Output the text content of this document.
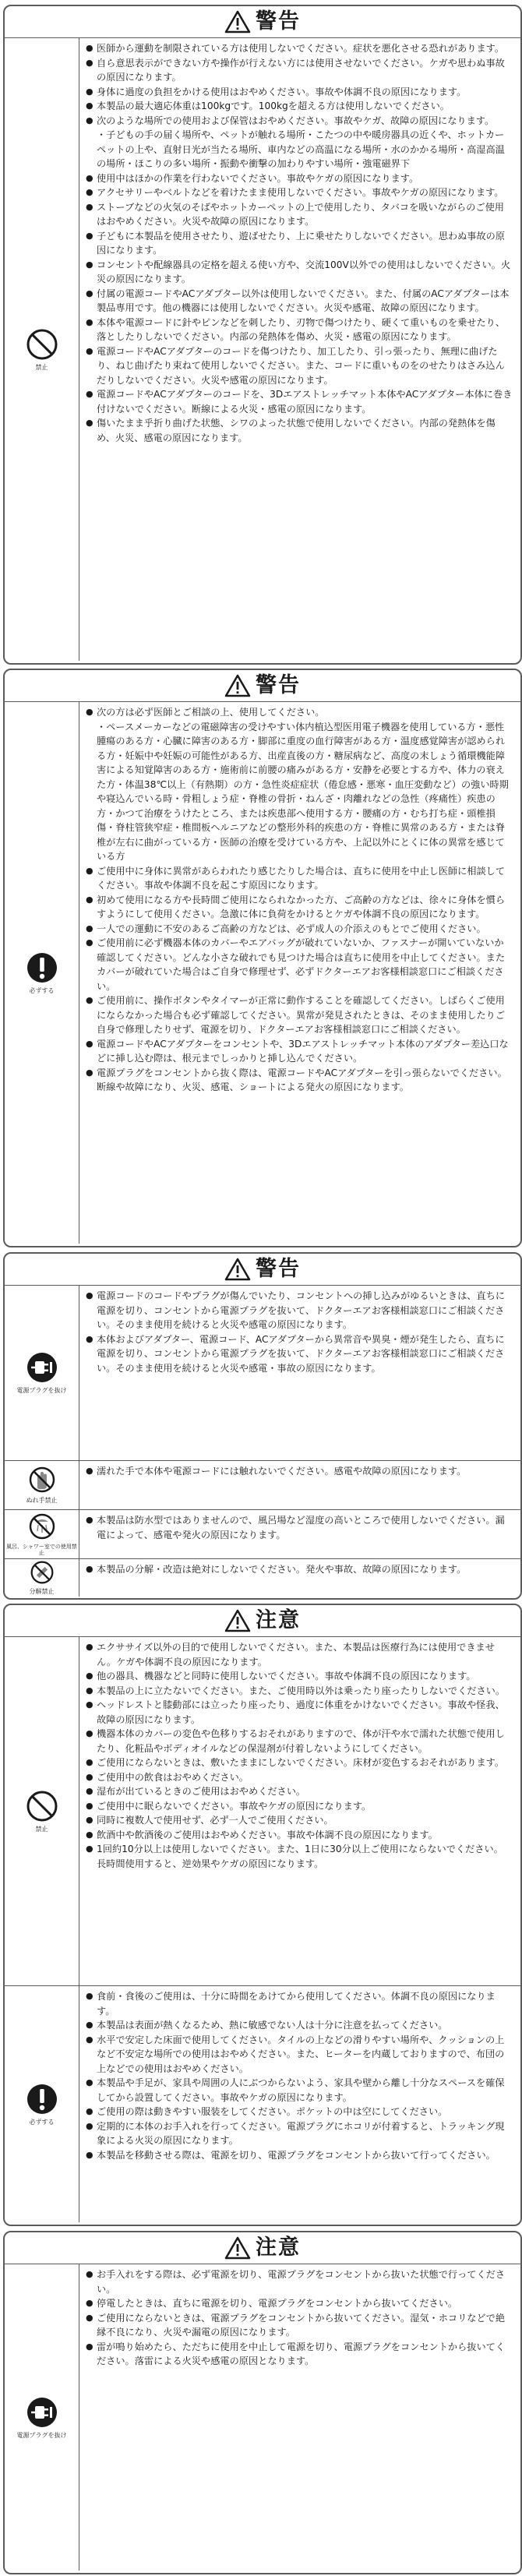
警告
禁止
● 医師から運動を制限されている方は使用しないでください。症状を悪化させる恐れがあります。
● 自ら意思表示ができない方や操作が行えない方には使用させないでください。ケガや思わぬ事故の原因になります。
● 身体に過度の負担をかける使用はおやめください。事故や体調不良の原因になります。
● 本製品の最大適応体重は100kgです。100kgを超える方は使用しないでください。
● 次のような場所での使用および保管はおやめください。事故やケガ、故障の原因になります。
・子どもの手の届く場所や、ペットが触れる場所・こたつの中や暖房器具の近くや、ホットカーペットの上や、直射日光が当たる場所、車内などの高温になる場所・水のかかる場所・高湿高温の場所・ほこりの多い場所・振動や衝撃の加わりやすい場所・強電磁界下
● 使用中はほかの作業を行わないでください。事故やケガの原因になります。
● アクセサリーやベルトなどを着けたまま使用しないでください。事故やケガの原因になります。
● ストーブなどの火気のそばやホットカーペットの上で使用したり、タバコを吸いながらのご使用はおやめください。火災や故障の原因になります。
● 子どもに本製品を使用させたり、遊ばせたり、上に乗せたりしないでください。思わぬ事故の原因になります。
● コンセントや配線器具の定格を超える使い方や、交流100V以外での使用はしないでください。火災の原因になります。
● 付属の電源コードやACアダプター以外は使用しないでください。また、付属のACアダプターは本製品専用です。他の機器には使用しないでください。火災や感電、故障の原因になります。
● 本体や電源コードに針やピンなどを刺したり、刃物で傷つけたり、硬くて重いものを乗せたり、落としたりしないでください。内部の発熱体を傷め、火災・感電の原因になります。
● 電源コードやACアダプターのコードを傷つけたり、加工したり、引っ張ったり、無理に曲げたり、ねじ曲げたり束ねて使用しないでください。また、コードに重いものをのせたりはさみ込んだりしないでください。火災や感電の原因になります。
● 電源コードやACアダプターのコードを、3Dエアストレッチマット本体やACアダプター本体に巻き付けないでください。断線による火災・感電の原因になります。
● 傷いたまま乎折り曲げた状態、シワのよった状態で使用しないでください。内部の発熱体を傷め、火災、感電の原因になります。
警告
必ずする
● 次の方は必ず医師とご相談の上、使用してください。
・ペースメーカーなどの電磁障害の受けやすい体内植込型医用電子機器を使用している方・悪性腫瘍のある方・心臓に障害のある方・脚部に重度の血行障害がある方・温度感覚障害が認められる方・妊娠中や妊娠の可能性がある方、出産直後の方・糖尿病など、高度の末しょう循環機能障害による知覚障害のある方・施術前に前腰の痛みがある方・安静を必要とする方や、体力の衰えた方・体温38℃以上（有熱期）の方・急性炎症症状（倦怠感・悪寒・血圧変動など）の強い時期や寝込んでいる時・骨粗しょう症・脊椎の骨折・ねんざ・肉離れなどの急性（疼痛性）疾患の方・かつて治療をうけたところ、または疾患部へ使用する方・腰痛の方・むち打ち症・頭椎損傷・脊柱管狭窄症・椎間板ヘルニアなどの整形外科的疾患の方・脊椎に異常のある方・または脊椎が左右に曲がっている方・医師の治療を受けている方や、上記以外にとくに体の異常を感じている方
● ご使用中に身体に異常があらわれたり感じたりした場合は、直ちに使用を中止し医師に相談してください。事故や体調不良を起こす原因になります。
● 初めて使用になる方や長時間ご使用になられなかった方、ご高齢の方などは、徐々に身体を慣らすようにして使用ください。急激に体に負荷をかけるとケガや体調不良の原因になります。
● 一人での運動に不安のあるご高齢の方などは、必ず成人の介添えのもとでご使用ください。
● ご使用前に必ず機器本体のカバーやエアバッグが破れていないか、ファスナーが開いていないか確認してください。どんな小さな破れでも見つけた場合は直ちに使用を中止してください。またカバーが破れていた場合はご自身で修理せず、必ずドクターエアお客様相談窓口にご相談ください。
● ご使用前に、操作ボタンやタイマーが正常に動作することを確認してください。しばらくご使用にならなかった場合も必ず確認してください。異常が発見されたときは、そのまま使用したりご自身で修理したりせず、電源を切り、ドクターエアお客様相談窓口にご相談ください。
● 電源コードやACアダプターをコンセントや、3Dエアストレッチマット本体のアダプター差込口などに挿し込む際は、根元までしっかりと挿し込んでください。
● 電源プラグをコンセントから抜く際は、電源コードやACアダプターを引っ張らないでください。断線や故障になり、火災、感電、ショートによる発火の原因になります。
警告
電源プラグを抜け
● 電源コードのコードやプラグが傷んでいたり、コンセントへの挿し込みがゆるいときは、直ちに電源を切り、コンセントから電源プラグを抜いて、ドクターエアお客様相談窓口にご相談ください。そのまま使用を続けると火災や感電の原因になります。
● 本体およびアダプター、電源コード、ACアダプターから異常音や異臭・煙が発生したら、直ちに電源を切り、コンセントから電源プラグを抜いて、ドクターエアお客様相談窓口にご相談ください。そのまま使用を続けると火災や感電・事故の原因になります。
ぬれ手禁止
● 濡れた手で本体や電源コードには触れないでください。感電や故障の原因になります。
風呂、シャワー室での使用禁止
● 本製品は防水型ではありませんので、風呂場など湿度の高いところで使用しないでください。漏電によって、感電や発火の原因になります。
分解禁止
● 本製品の分解・改造は絶対にしないでください。発火や事故、故障の原因になります。
注意
禁止
● エクササイズ以外の目的で使用しないでください。また、本製品は医療行為には使用できません。ケガや体調不良の原因になります。
● 他の器具、機器などと同時に使用しないでください。事故や体調不良の原因になります。
● 本製品の上に立たないでください。また、ご使用時以外は乗ったり座ったりしないでください。
● ヘッドレストと膝動部には立ったり座ったり、過度に体重をかけないでください。事故や怪我、故障の原因になります。
● 機器本体のカバーの変色や色移りするおそれがありますので、体が汗や水で濡れた状態で使用したり、化粧品やボディオイルなどの保湿剤が付着しないようにしてください。
● ご使用にならないときは、敷いたままにしないでください。床材が変色するおそれがあります。
● ご使用中の飲食はおやめください。
● 湿布が出ているときのご使用はおやめください。
● ご使用中に眠らないでください。事故やケガの原因になります。
● 同時に複数人で使用せず、必ず一人でご使用ください。
● 飲酒中や飲酒後のご使用はおやめください。事故や体調不良の原因になります。
● 1回約10分以上は使用しないでください。また、1日に30分以上ご使用にならないでください。長時間使用すると、逆効果やケガの原因になります。
必ずする
● 食前・食後のご使用は、十分に時間をあけてから使用してください。体調不良の原因になります。
● 本製品は表面が熱くなるため、熱に敏感でない人は十分に注意を払ってください。
● 水平で安定した床面で使用してください。タイルの上などの滑りやすい場所や、クッションの上など不安定な場所での使用はおやめください。また、ヒーターを内蔵しておりますので、布団の上などでの使用はおやめください。
● 本製品や手足が、家具や周囲の人にぶつからないよう、家具や壁から離し十分なスペースを確保してから設置してください。事故やケガの原因になります。
● ご使用の際は動きやすい服装をしてください。ポケットの中は空にしてください。
● 定期的に本体のお手入れを行ってください。電源プラグにホコリが付着すると、トラッキング現象による火災の原因になります。
● 本製品を移動させる際は、電源を切り、電源プラグをコンセントから抜いて行ってください。
注意
電源プラグを抜け
● お手入れをする際は、必ず電源を切り、電源プラグをコンセントから抜いた状態で行ってください。
● 停電したときは、直ちに電源を切り、電源プラグをコンセントから抜いてください。
● ご使用にならないときは、電源プラグをコンセントから抜いてください。湿気・ホコリなどで絶縁不良になり、火災や漏電の原因になります。
● 雷が鳴り始めたら、ただちに使用を中止して電源を切り、電源プラグをコンセントから抜いてください。落雷による火災や感電の原因となります。
